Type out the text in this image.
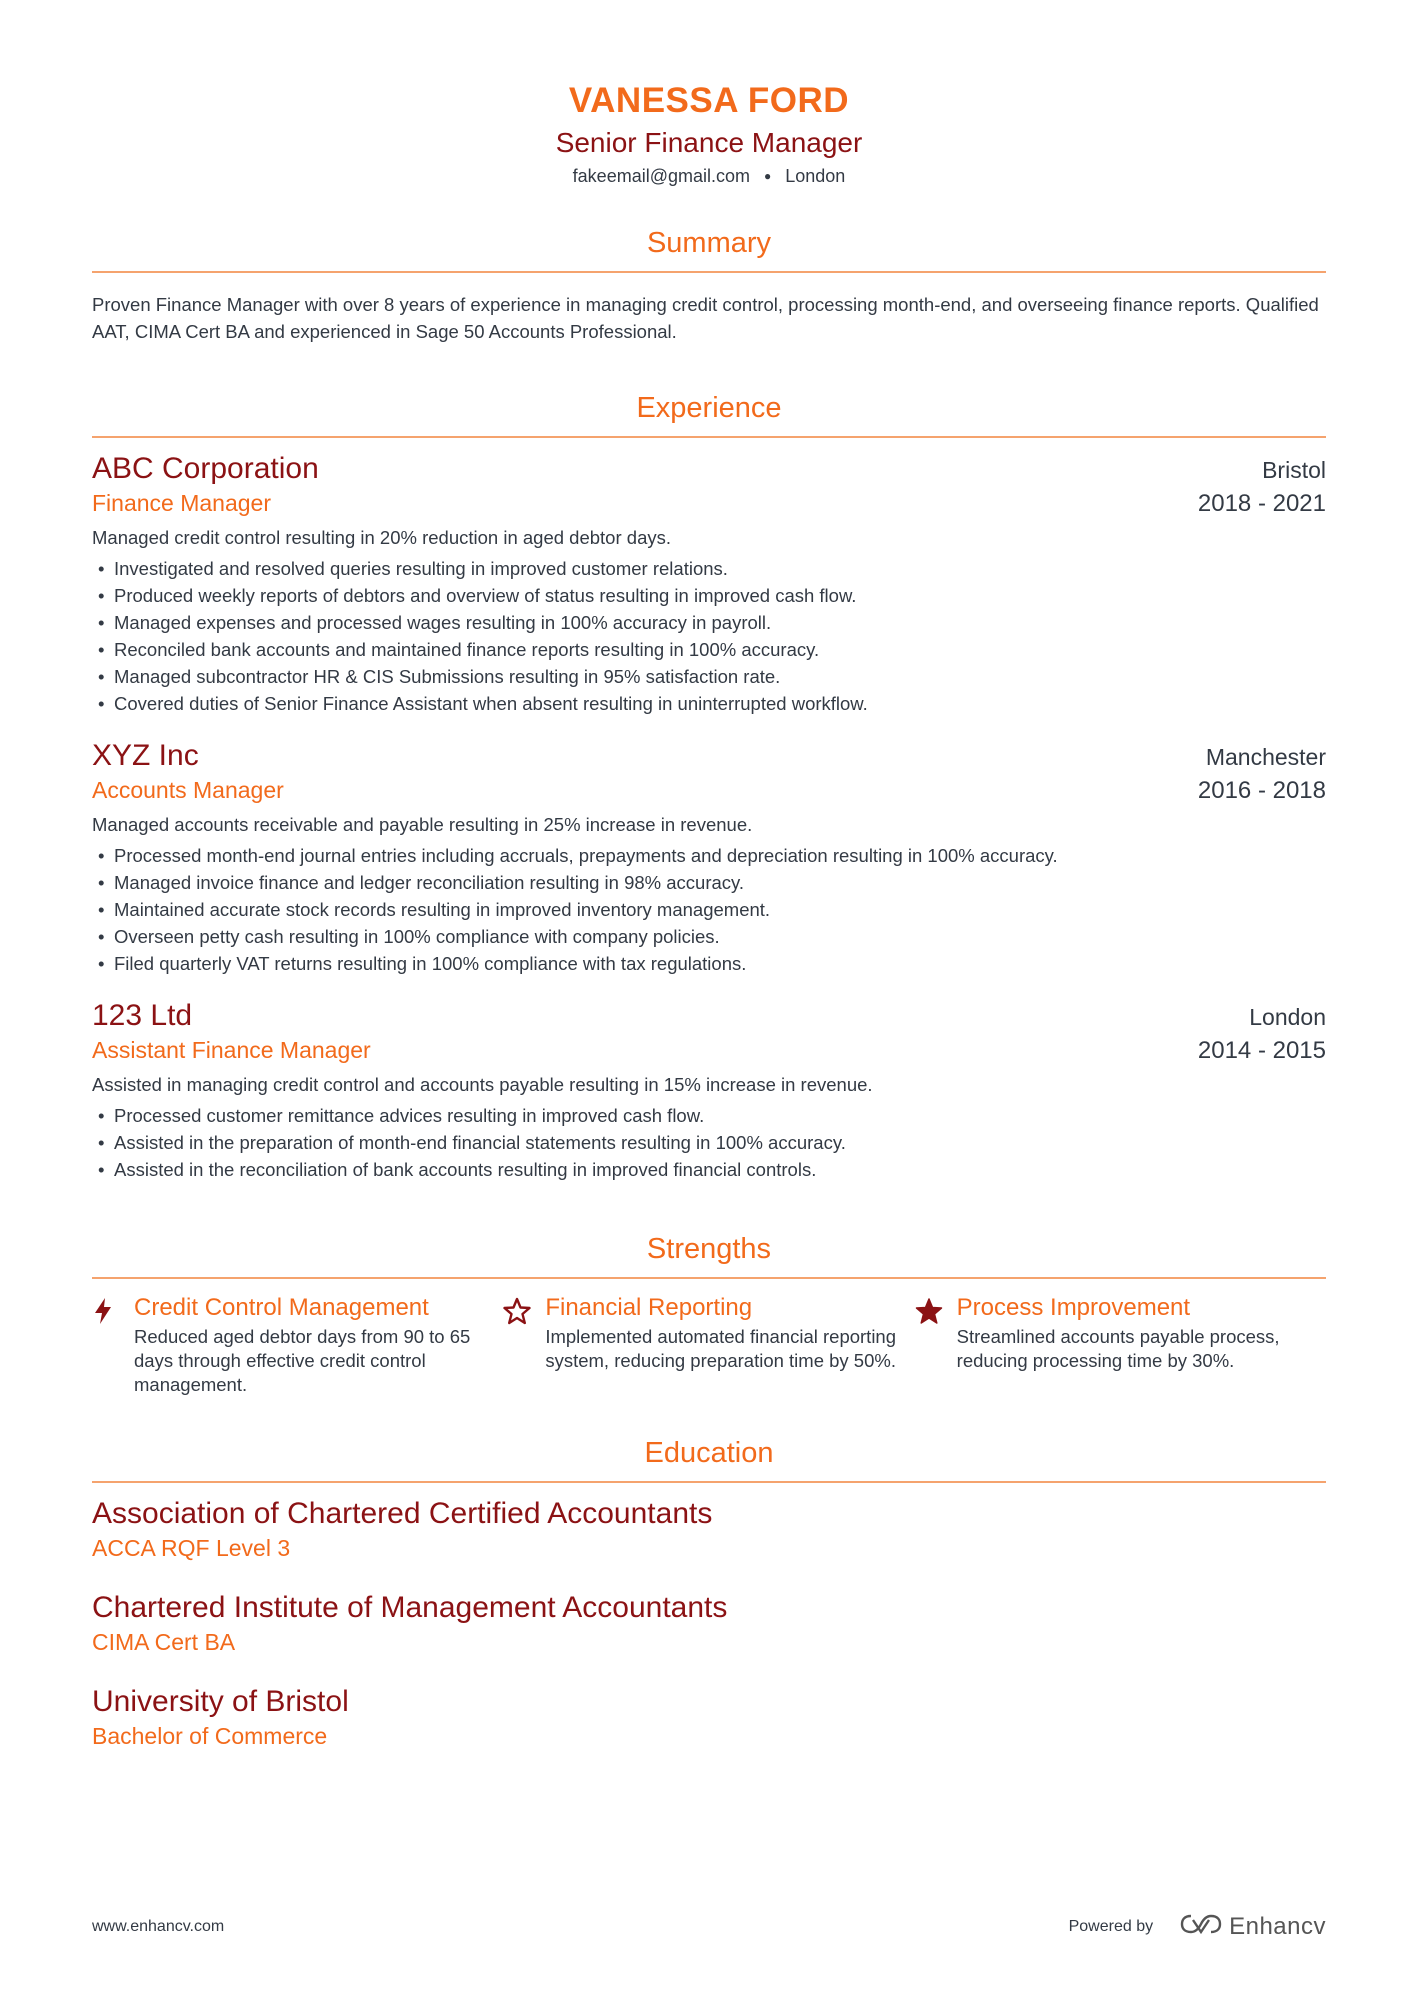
VANESSA FORD
Senior Finance Manager
fakeemail@gmail.com ● London
Summary
Proven Finance Manager with over 8 years of experience in managing credit control, processing month-end, and overseeing finance reports. Qualified AAT, CIMA Cert BA and experienced in Sage 50 Accounts Professional.
Experience
ABC Corporation	Bristol
Finance Manager	2018 - 2021
Managed credit control resulting in 20% reduction in aged debtor days.
• Investigated and resolved queries resulting in improved customer relations.
• Produced weekly reports of debtors and overview of status resulting in improved cash flow.
• Managed expenses and processed wages resulting in 100% accuracy in payroll.
• Reconciled bank accounts and maintained finance reports resulting in 100% accuracy.
• Managed subcontractor HR & CIS Submissions resulting in 95% satisfaction rate.
• Covered duties of Senior Finance Assistant when absent resulting in uninterrupted workflow.
XYZ Inc	Manchester
Accounts Manager	2016 - 2018
Managed accounts receivable and payable resulting in 25% increase in revenue.
• Processed month-end journal entries including accruals, prepayments and depreciation resulting in 100% accuracy.
• Managed invoice finance and ledger reconciliation resulting in 98% accuracy.
• Maintained accurate stock records resulting in improved inventory management.
• Overseen petty cash resulting in 100% compliance with company policies.
• Filed quarterly VAT returns resulting in 100% compliance with tax regulations.
123 Ltd	London
Assistant Finance Manager	2014 - 2015
Assisted in managing credit control and accounts payable resulting in 15% increase in revenue.
• Processed customer remittance advices resulting in improved cash flow.
• Assisted in the preparation of month-end financial statements resulting in 100% accuracy.
• Assisted in the reconciliation of bank accounts resulting in improved financial controls.
Strengths
Credit Control Management
Reduced aged debtor days from 90 to 65 days through effective credit control management.
Financial Reporting
Implemented automated financial reporting system, reducing preparation time by 50%.
Process Improvement
Streamlined accounts payable process, reducing processing time by 30%.
Education
Association of Chartered Certified Accountants
ACCA RQF Level 3
Chartered Institute of Management Accountants
CIMA Cert BA
University of Bristol
Bachelor of Commerce
www.enhancv.com	Powered by	Enhancv
